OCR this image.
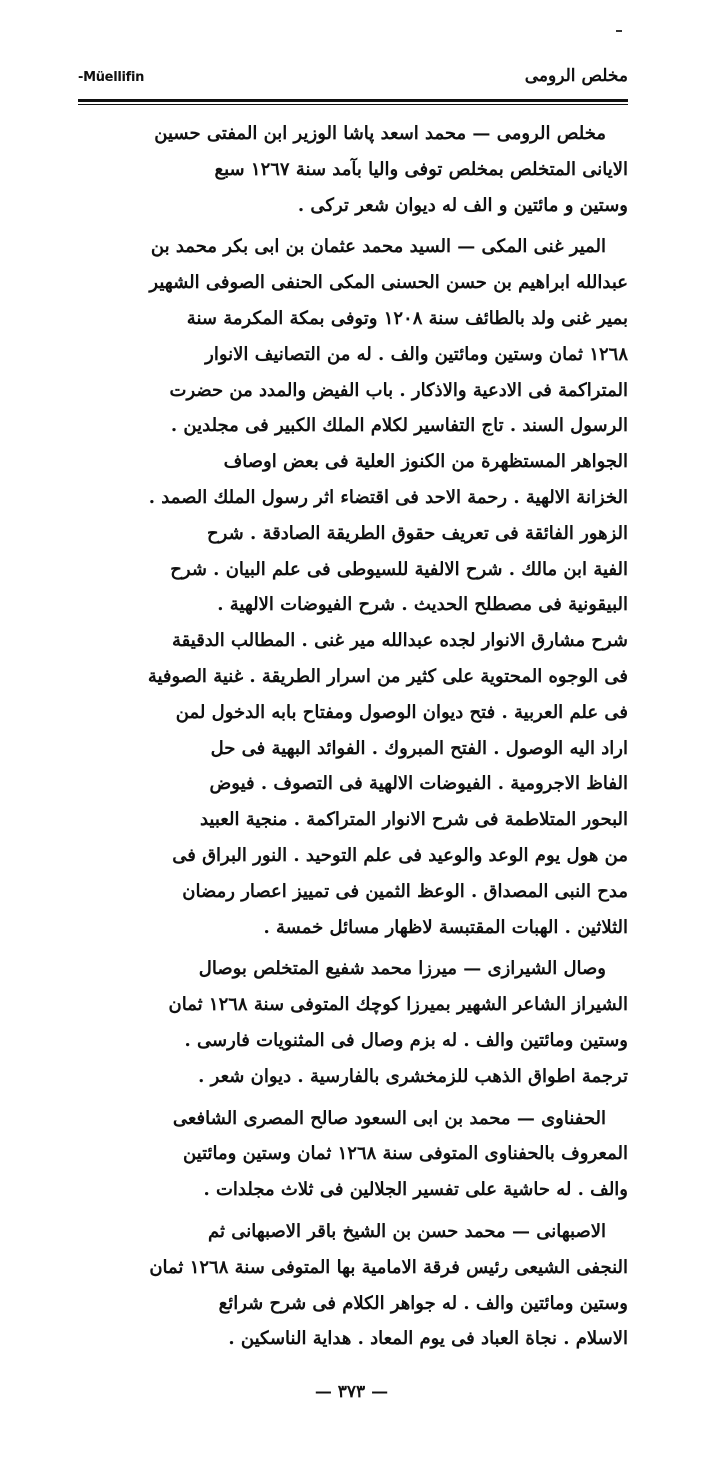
-Müellifin	مخلص الرومى
مخلص الرومى — محمد اسعد پاشا الوزير ابن المفتى حسين
الايانى المتخلص بمخلص توفى واليا بآمد سنة ١٢٦٧ سبع
وستين و مائتين و الف له ديوان شعر تركى .
المير غنى المكى — السيد محمد عثمان بن ابى بكر محمد بن
عبدالله ابراهيم بن حسن الحسنى المكى الحنفى الصوفى الشهير
بمير غنى ولد بالطائف سنة ١٢٠٨ وتوفى بمكة المكرمة سنة
١٢٦٨ ثمان وستين ومائتين والف . له من التصانيف الانوار
المتراكمة فى الادعية والاذكار . باب الفيض والمدد من حضرت
الرسول السند . تاج التفاسير لكلام الملك الكبير فى مجلدين .
الجواهر المستظهرة من الكنوز العلية فى بعض اوصاف
الخزانة الالهية . رحمة الاحد فى اقتضاء اثر رسول الملك الصمد .
الزهور الفائقة فى تعريف حقوق الطريقة الصادقة . شرح
الفية ابن مالك . شرح الالفية للسيوطى فى علم البيان . شرح
البيقونية فى مصطلح الحديث . شرح الفيوضات الالهية .
شرح مشارق الانوار لجده عبدالله مير غنى . المطالب الدقيقة
فى الوجوه المحتوية على كثير من اسرار الطريقة . غنية الصوفية
فى علم العربية . فتح ديوان الوصول ومفتاح بابه الدخول لمن
اراد اليه الوصول . الفتح المبروك . الفوائد البهية فى حل
الفاظ الاجرومية . الفيوضات الالهية فى التصوف . فيوض
البحور المتلاطمة فى شرح الانوار المتراكمة . منجية العبيد
من هول يوم الوعد والوعيد فى علم التوحيد . النور البراق فى
مدح النبى المصداق . الوعظ الثمين فى تمييز اعصار رمضان
الثلاثين . الهبات المقتبسة لاظهار مسائل خمسة .
وصال الشيرازى — ميرزا محمد شفيع المتخلص بوصال
الشيراز الشاعر الشهير بميرزا كوچك المتوفى سنة ١٢٦٨ ثمان
وستين ومائتين والف . له بزم وصال فى المثنويات فارسى .
ترجمة اطواق الذهب للزمخشرى بالفارسية . ديوان شعر .
الحفناوى — محمد بن ابى السعود صالح المصرى الشافعى
المعروف بالحفناوى المتوفى سنة ١٢٦٨ ثمان وستين ومائتين
والف . له حاشية على تفسير الجلالين فى ثلاث مجلدات .
الاصبهانى — محمد حسن بن الشيخ باقر الاصبهانى ثم
النجفى الشيعى رئيس فرقة الامامية بها المتوفى سنة ١٢٦٨ ثمان
وستين ومائتين والف . له جواهر الكلام فى شرح شرائع
الاسلام . نجاة العباد فى يوم المعاد . هداية الناسكين .
— ٣٧٣ —
